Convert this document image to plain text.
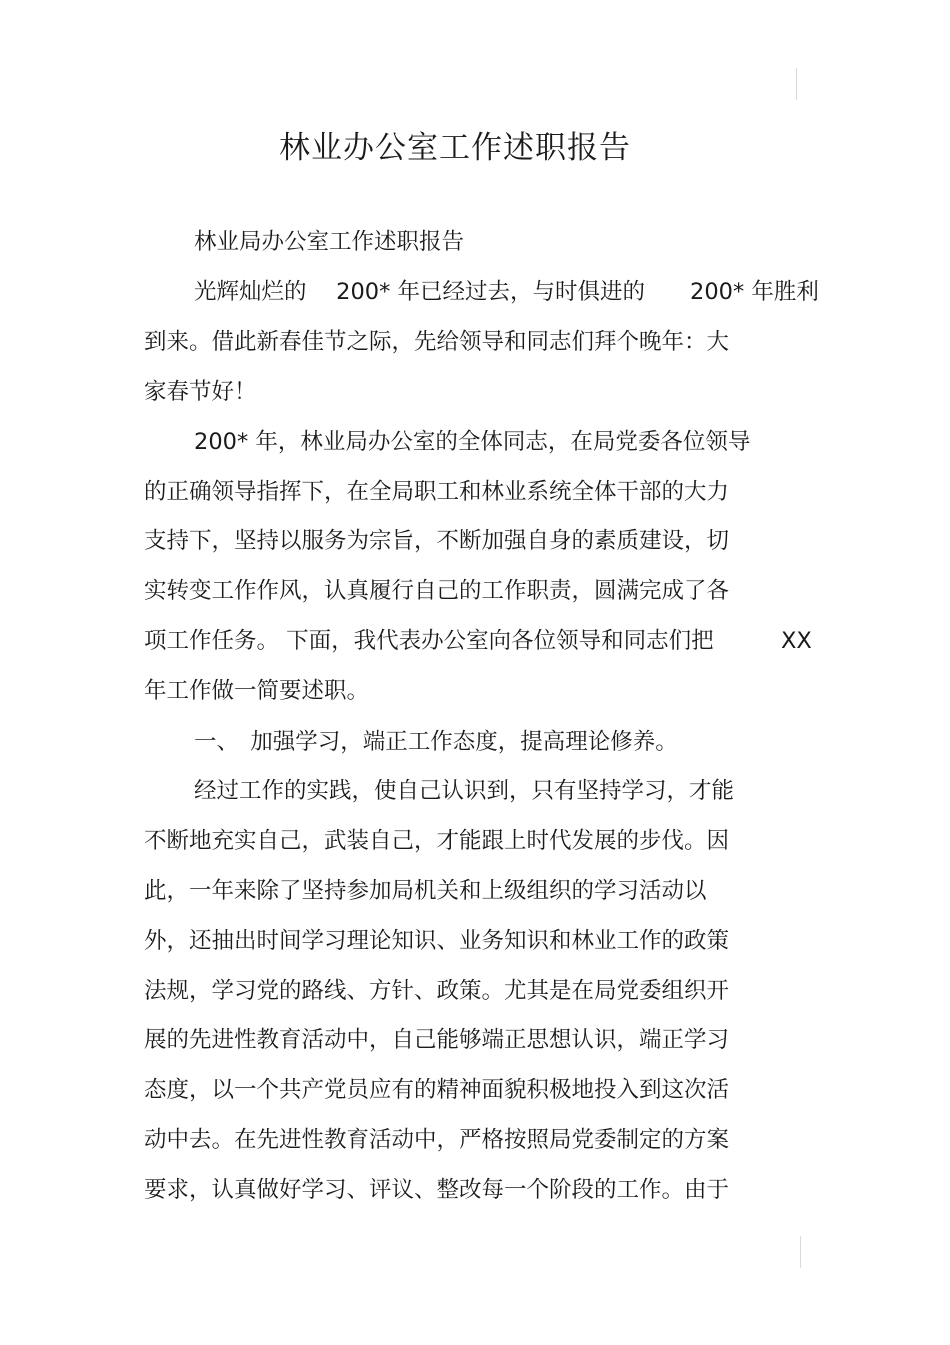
林业办公室工作述职报告
林业局办公室工作述职报告
光辉灿烂的　 200* 年已经过去，与时俱进的　　200* 年胜利
到来。借此新春佳节之际，先给领导和同志们拜个晚年：大
家春节好！
200* 年，林业局办公室的全体同志，在局党委各位领导
的正确领导指挥下，在全局职工和林业系统全体干部的大力
支持下，坚持以服务为宗旨，不断加强自身的素质建设，切
实转变工作作风，认真履行自己的工作职责，圆满完成了各
项工作任务。 下面，我代表办公室向各位领导和同志们把	XX
年工作做一简要述职。
一、　加强学习，端正工作态度，提高理论修养。
经过工作的实践，使自己认识到，只有坚持学习，才能
不断地充实自己，武装自己，才能跟上时代发展的步伐。因
此，一年来除了坚持参加局机关和上级组织的学习活动以
外，还抽出时间学习理论知识、业务知识和林业工作的政策
法规，学习党的路线、方针、政策。尤其是在局党委组织开
展的先进性教育活动中，自己能够端正思想认识，端正学习
态度，以一个共产党员应有的精神面貌积极地投入到这次活
动中去。在先进性教育活动中，严格按照局党委制定的方案
要求，认真做好学习、评议、整改每一个阶段的工作。由于
